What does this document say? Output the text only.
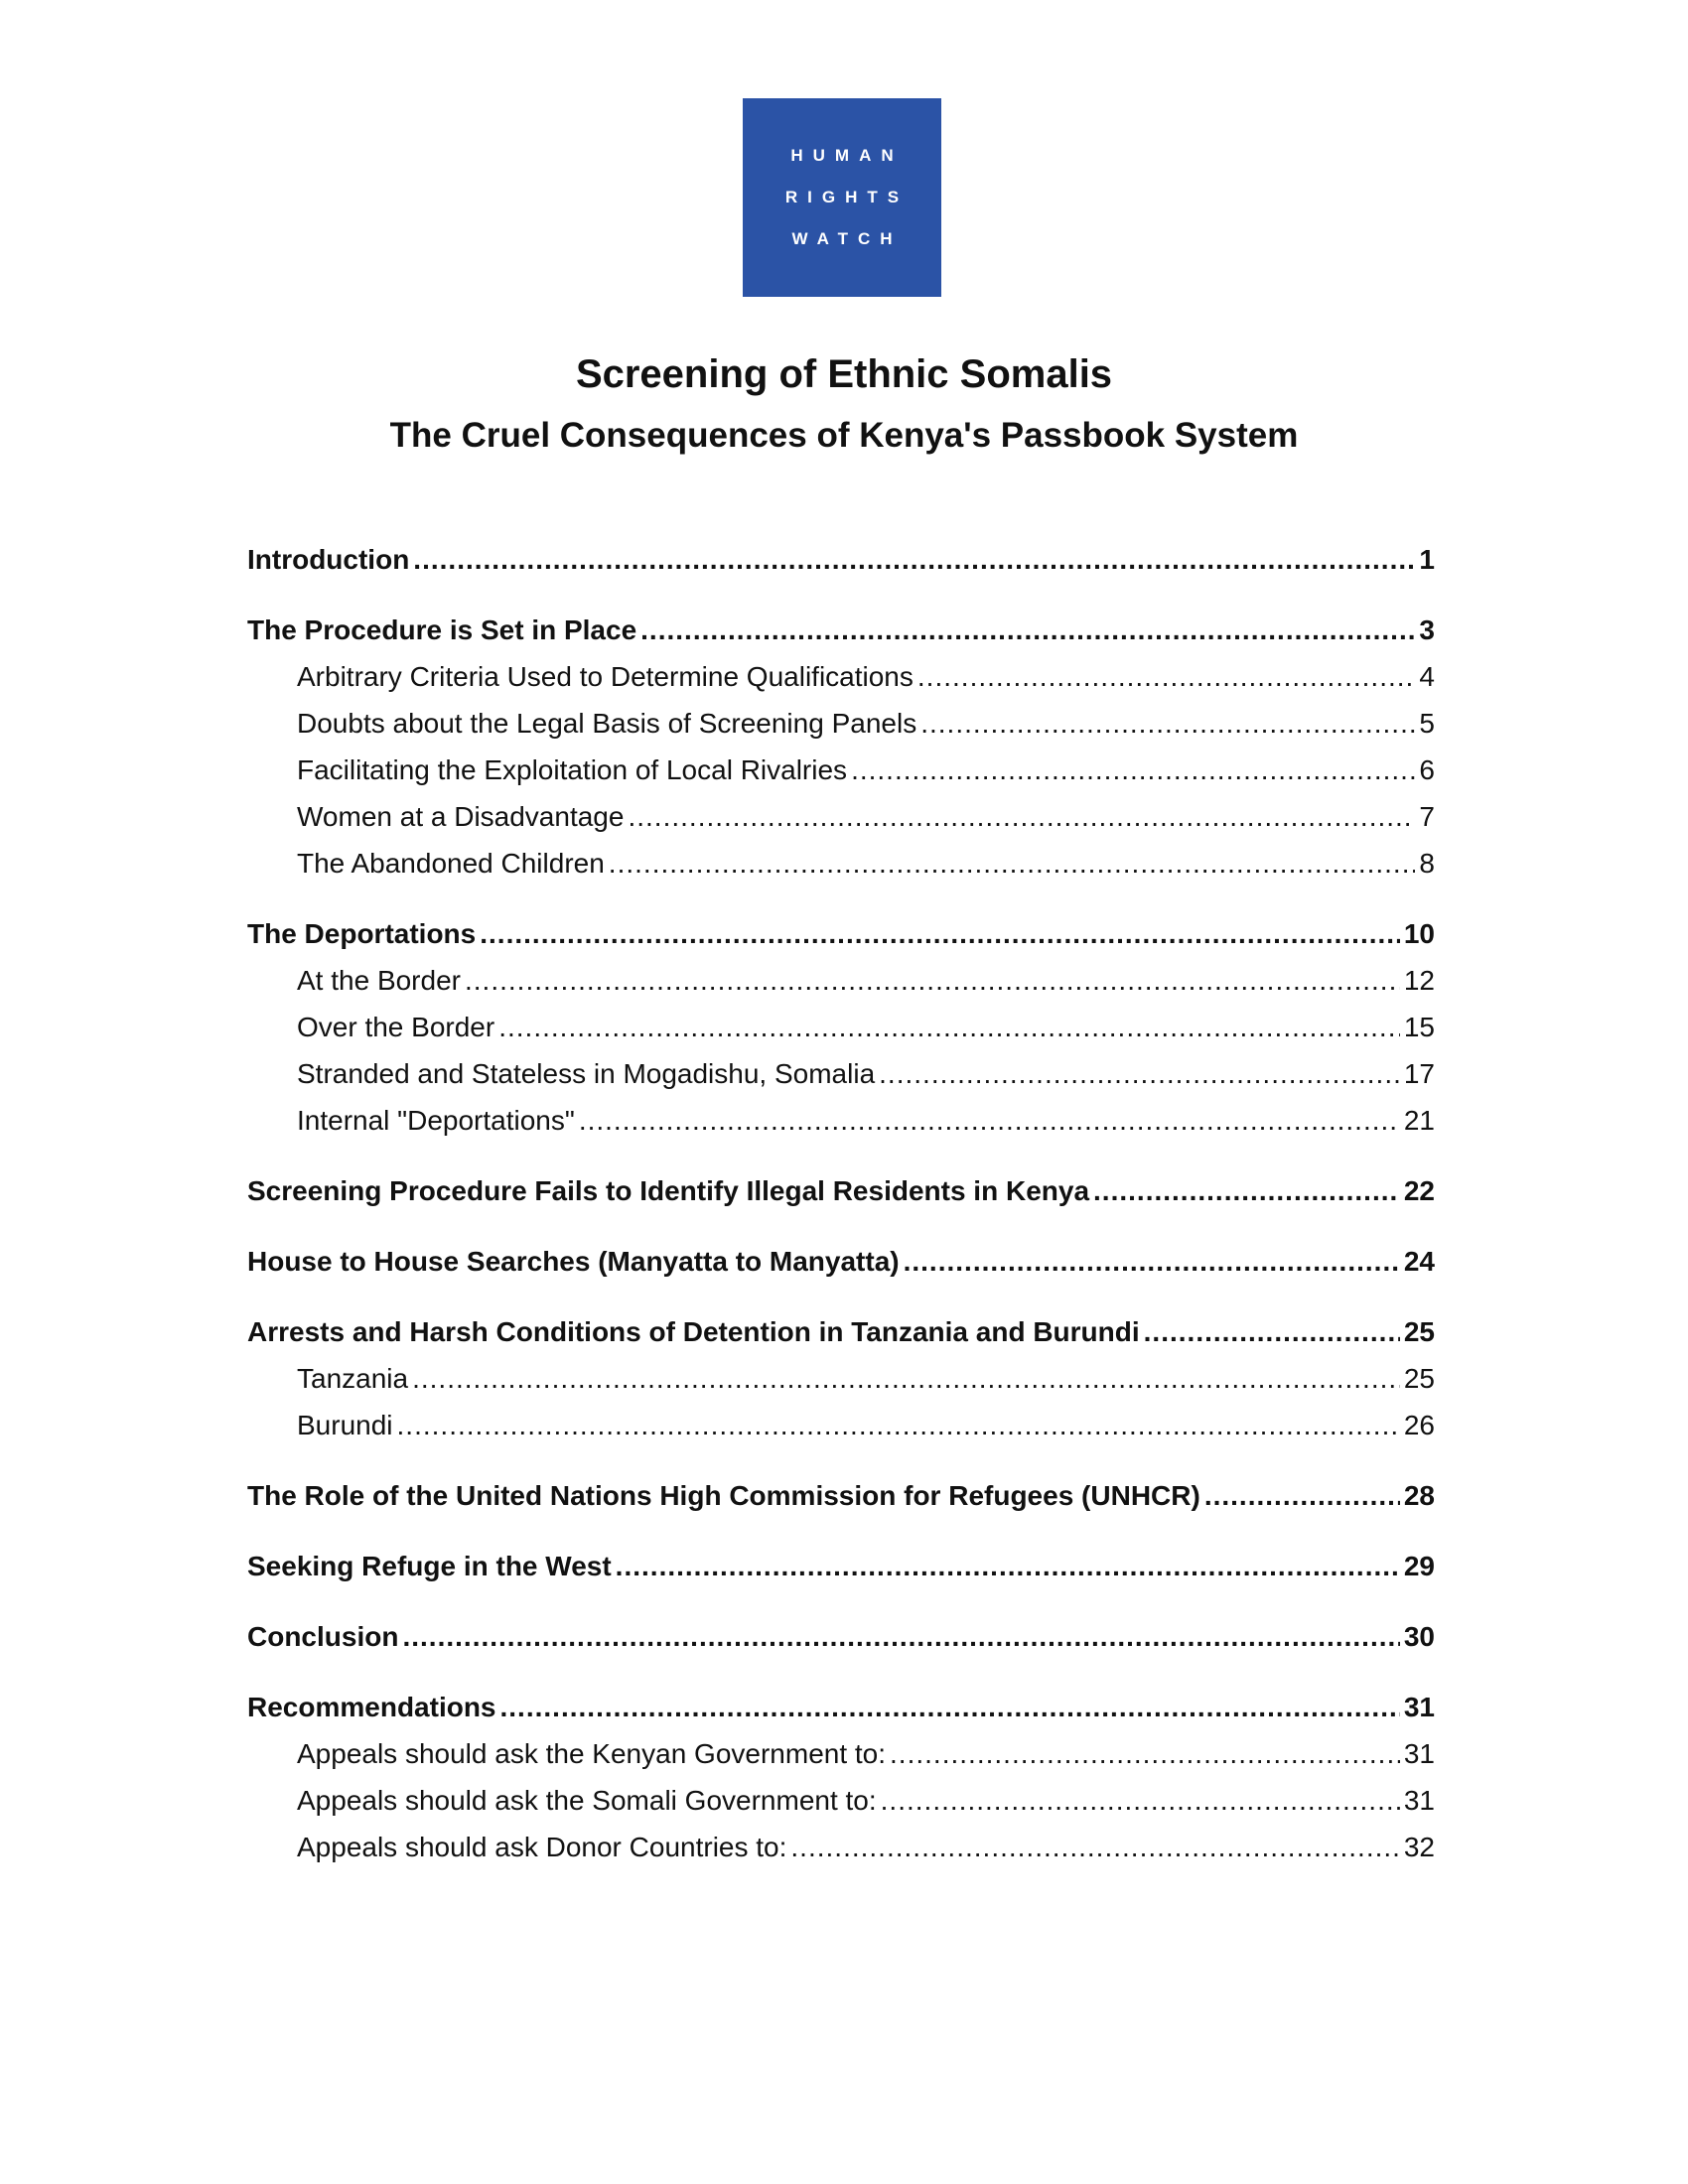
HUMAN
RIGHTS
WATCH
Screening of Ethnic Somalis
The Cruel Consequences of Kenya's Passbook System
Introduction .....	1
The Procedure is Set in Place .....	3
Arbitrary Criteria Used to Determine Qualifications .....	4
Doubts about the Legal Basis of Screening Panels .....	5
Facilitating the Exploitation of Local Rivalries .....	6
Women at a Disadvantage .....	7
The Abandoned Children .....	8
The Deportations .....	10
At the Border .....	12
Over the Border .....	15
Stranded and Stateless in Mogadishu, Somalia .....	17
Internal "Deportations" .....	21
Screening Procedure Fails to Identify Illegal Residents in Kenya .....	22
House to House Searches (Manyatta to Manyatta) .....	24
Arrests and Harsh Conditions of Detention in Tanzania and Burundi .....	25
Tanzania .....	25
Burundi .....	26
The Role of the United Nations High Commission for Refugees (UNHCR) .....	28
Seeking Refuge in the West .....	29
Conclusion .....	30
Recommendations .....	31
Appeals should ask the Kenyan Government to: .....	31
Appeals should ask the Somali Government to: .....	31
Appeals should ask Donor Countries to: .....	32
